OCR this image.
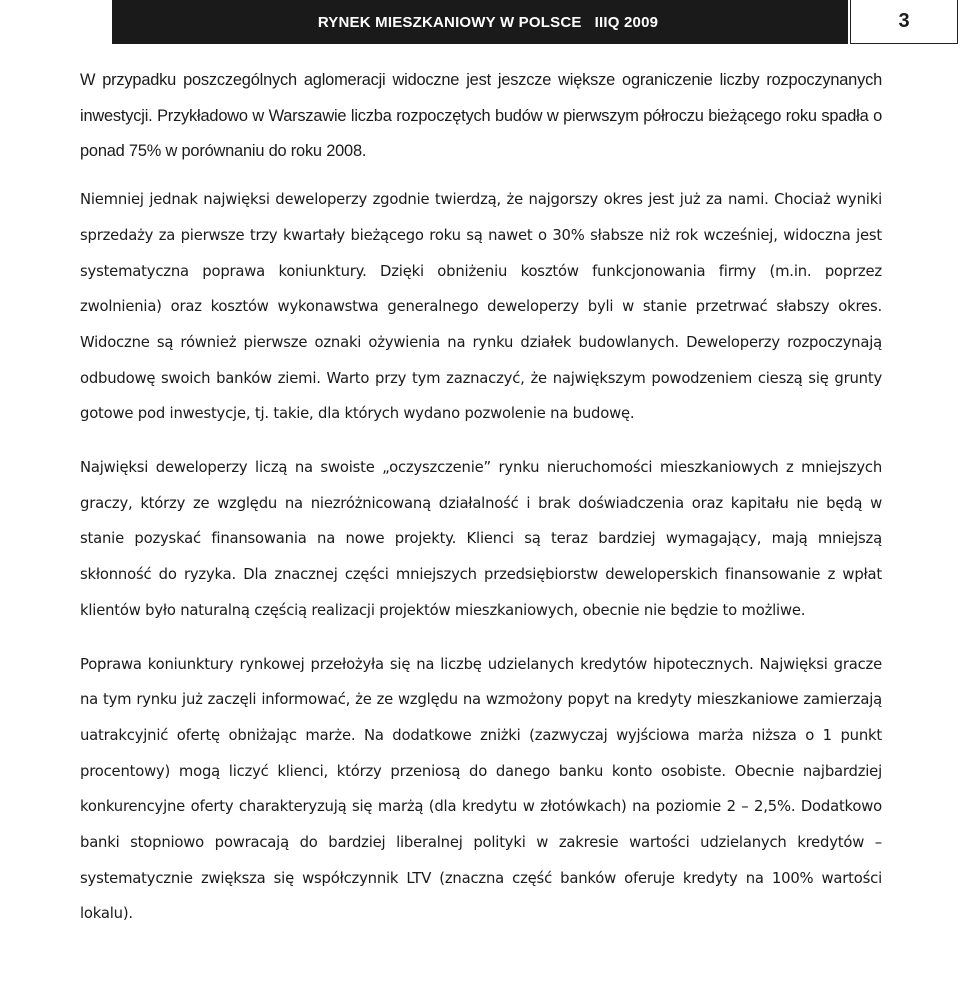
RYNEK MIESZKANIOWY W POLSCE   IIIQ 2009	3

W przypadku poszczególnych aglomeracji widoczne jest jeszcze większe ograniczenie liczby rozpoczynanych inwestycji. Przykładowo w Warszawie liczba rozpoczętych budów w pierwszym półroczu bieżącego roku spadła o ponad 75% w porównaniu do roku 2008.

Niemniej jednak najwięksi deweloperzy zgodnie twierdzą, że najgorszy okres jest już za nami. Chociaż wyniki sprzedaży za pierwsze trzy kwartały bieżącego roku są nawet o 30% słabsze niż rok wcześniej, widoczna jest systematyczna poprawa koniunktury. Dzięki obniżeniu kosztów funkcjonowania firmy (m.in. poprzez zwolnienia) oraz kosztów wykonawstwa generalnego deweloperzy byli w stanie przetrwać słabszy okres. Widoczne są również pierwsze oznaki ożywienia na rynku działek budowlanych. Deweloperzy rozpoczynają odbudowę swoich banków ziemi. Warto przy tym zaznaczyć, że największym powodzeniem cieszą się grunty gotowe pod inwestycje, tj. takie, dla których wydano pozwolenie na budowę.

Najwięksi deweloperzy liczą na swoiste „oczyszczenie” rynku nieruchomości mieszkaniowych z mniejszych graczy, którzy ze względu na niezróżnicowaną działalność i brak doświadczenia oraz kapitału nie będą w stanie pozyskać finansowania na nowe projekty. Klienci są teraz bardziej wymagający, mają mniejszą skłonność do ryzyka. Dla znacznej części mniejszych przedsiębiorstw deweloperskich finansowanie z wpłat klientów było naturalną częścią realizacji projektów mieszkaniowych, obecnie nie będzie to możliwe.

Poprawa koniunktury rynkowej przełożyła się na liczbę udzielanych kredytów hipotecznych. Najwięksi gracze na tym rynku już zaczęli informować, że ze względu na wzmożony popyt na kredyty mieszkaniowe zamierzają uatrakcyjnić ofertę obniżając marże. Na dodatkowe zniżki (zazwyczaj wyjściowa marża niższa o 1 punkt procentowy) mogą liczyć klienci, którzy przeniosą do danego banku konto osobiste. Obecnie najbardziej konkurencyjne oferty charakteryzują się marżą (dla kredytu w złotówkach) na poziomie 2 – 2,5%. Dodatkowo banki stopniowo powracają do bardziej liberalnej polityki w zakresie wartości udzielanych kredytów – systematycznie zwiększa się współczynnik LTV (znaczna część banków oferuje kredyty na 100% wartości lokalu).
